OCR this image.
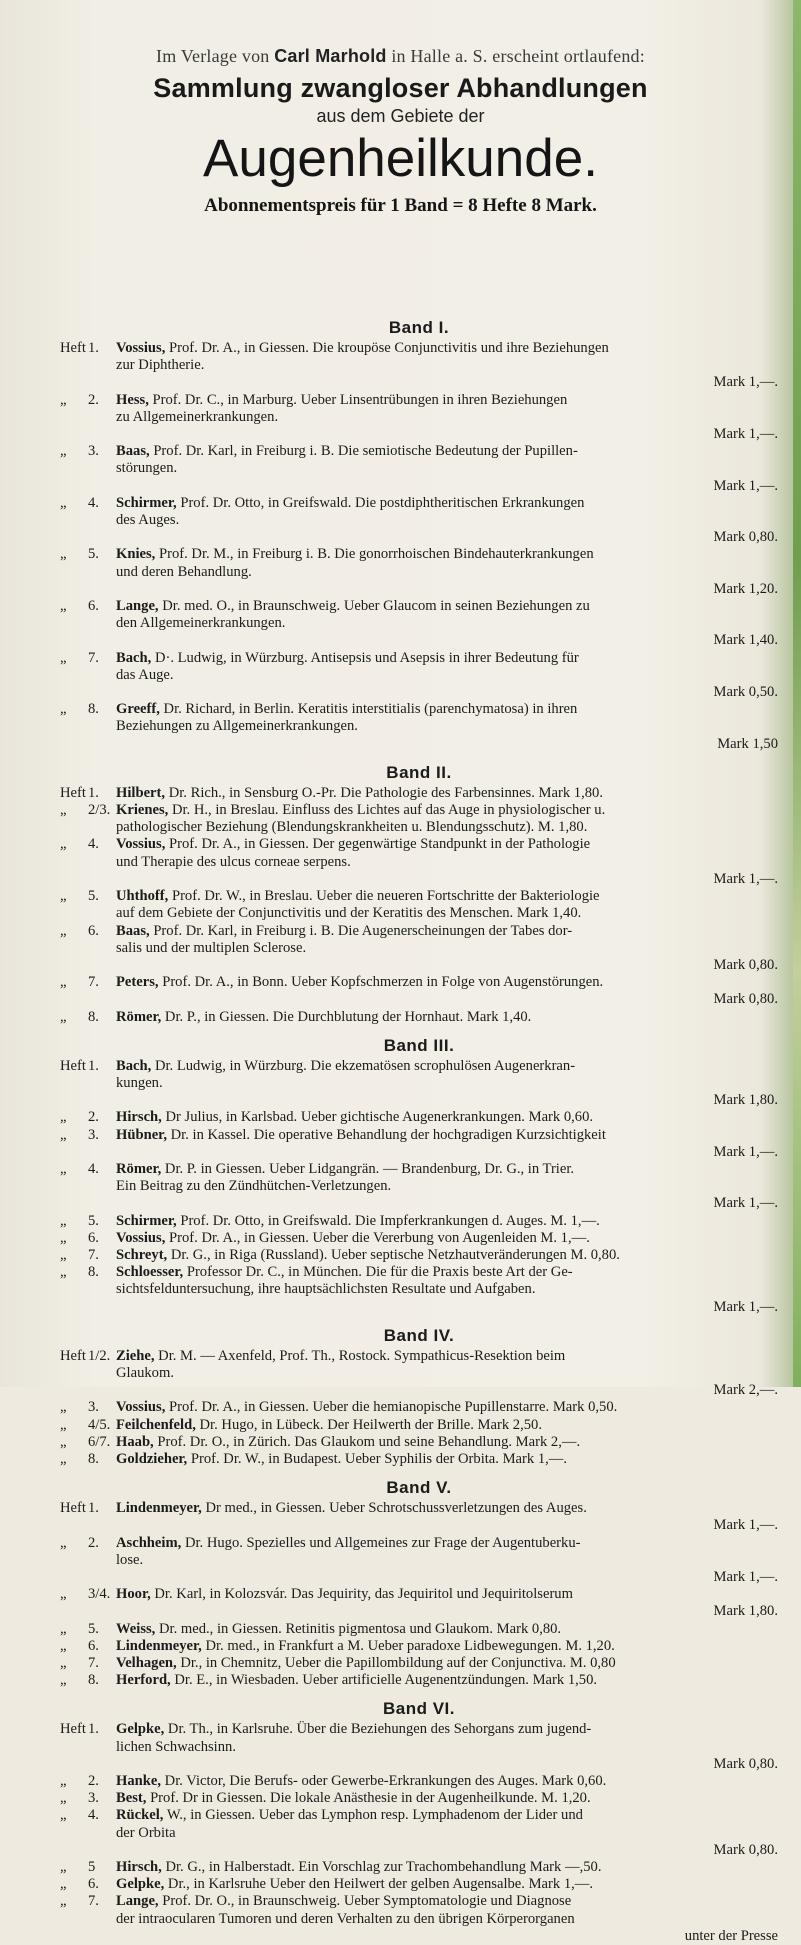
Im Verlage von Carl Marhold in Halle a. S. erscheint ortlaufend:
Sammlung zwangloser Abhandlungen
aus dem Gebiete der
Augenheilkunde.
Abonnementspreis für 1 Band = 8 Hefte 8 Mark.
Band I.
Heft 1.	Vossius, Prof. Dr. A., in Giessen. Die kroupöse Conjunctivitis und ihre Beziehungen
zur Diphtherie.
Mark 1,—.
„ 2.	Hess, Prof. Dr. C., in Marburg. Ueber Linsentrübungen in ihren Beziehungen
zu Allgemeinerkrankungen.
Mark 1,—.
„ 3.	Baas, Prof. Dr. Karl, in Freiburg i. B. Die semiotische Bedeutung der Pupillen-
störungen.
Mark 1,—.
„ 4.	Schirmer, Prof. Dr. Otto, in Greifswald. Die postdiphtheritischen Erkrankungen
des Auges.
Mark 0,80.
„ 5.	Knies, Prof. Dr. M., in Freiburg i. B. Die gonorrhoischen Bindehauterkrankungen
und deren Behandlung.
Mark 1,20.
„ 6.	Lange, Dr. med. O., in Braunschweig. Ueber Glaucom in seinen Beziehungen zu
den Allgemeinerkrankungen.
Mark 1,40.
„ 7.	Bach, D·. Ludwig, in Würzburg. Antisepsis und Asepsis in ihrer Bedeutung für
das Auge.
Mark 0,50.
„ 8.	Greeff, Dr. Richard, in Berlin. Keratitis interstitialis (parenchymatosa) in ihren
Beziehungen zu Allgemeinerkrankungen.
Mark 1,50
Band II.
Heft 1.	Hilbert, Dr. Rich., in Sensburg O.-Pr. Die Pathologie des Farbensinnes. Mark 1,80.
„ 2/3. Krienes, Dr. H., in Breslau. Einfluss des Lichtes auf das Auge in physiologischer u.
pathologischer Beziehung (Blendungskrankheiten u. Blendungsschutz). M. 1,80.
„ 4.	Vossius, Prof. Dr. A., in Giessen. Der gegenwärtige Standpunkt in der Pathologie
und Therapie des ulcus corneae serpens.
Mark 1,—.
„ 5.	Uhthoff, Prof. Dr. W., in Breslau. Ueber die neueren Fortschritte der Bakteriologie
auf dem Gebiete der Conjunctivitis und der Keratitis des Menschen. Mark 1,40.
„ 6.	Baas, Prof. Dr. Karl, in Freiburg i. B. Die Augenerscheinungen der Tabes dor-
salis und der multiplen Sclerose.
Mark 0,80.
„ 7.	Peters, Prof. Dr. A., in Bonn. Ueber Kopfschmerzen in Folge von Augenstörungen.
Mark 0,80.
„ 8.	Römer, Dr. P., in Giessen. Die Durchblutung der Hornhaut. Mark 1,40.
Band III.
Heft 1.	Bach, Dr. Ludwig, in Würzburg. Die ekzematösen scrophulösen Augenerkran-
kungen.
Mark 1,80.
„ 2.	Hirsch, Dr Julius, in Karlsbad. Ueber gichtische Augenerkrankungen. Mark 0,60.
„ 3.	Hübner, Dr. in Kassel. Die operative Behandlung der hochgradigen Kurzsichtigkeit
Mark 1,—.
„ 4.	Römer, Dr. P. in Giessen. Ueber Lidgangrän. — Brandenburg, Dr. G., in Trier.
Ein Beitrag zu den Zündhütchen-Verletzungen.
Mark 1,—.
„ 5.	Schirmer, Prof. Dr. Otto, in Greifswald. Die Impferkrankungen d. Auges. M. 1,—.
„ 6.	Vossius, Prof. Dr. A., in Giessen. Ueber die Vererbung von Augenleiden M. 1,—.
„ 7.	Schreyt, Dr. G., in Riga (Russland). Ueber septische Netzhautveränderungen M. 0,80.
„ 8.	Schloesser, Professor Dr. C., in München. Die für die Praxis beste Art der Ge-
sichtsfelduntersuchung, ihre hauptsächlichsten Resultate und Aufgaben.
Mark 1,—.
Band IV.
Heft 1/2. Ziehe, Dr. M. — Axenfeld, Prof. Th., Rostock. Sympathicus-Resektion beim
Glaukom.
Mark 2,—.
„ 3.	Vossius, Prof. Dr. A., in Giessen. Ueber die hemianopische Pupillenstarre. Mark 0,50.
„ 4/5. Feilchenfeld, Dr. Hugo, in Lübeck. Der Heilwerth der Brille. Mark 2,50.
„ 6/7. Haab, Prof. Dr. O., in Zürich. Das Glaukom und seine Behandlung. Mark 2,—.
„ 8.	Goldzieher, Prof. Dr. W., in Budapest. Ueber Syphilis der Orbita. Mark 1,—.
Band V.
Heft 1.	Lindenmeyer, Dr med., in Giessen. Ueber Schrotschussverletzungen des Auges.
Mark 1,—.
„ 2.	Aschheim, Dr. Hugo. Spezielles und Allgemeines zur Frage der Augentuberku-
lose.
Mark 1,—.
„ 3/4. Hoor, Dr. Karl, in Kolozsvár. Das Jequirity, das Jequiritol und Jequiritolserum
Mark 1,80.
„ 5.	Weiss, Dr. med., in Giessen. Retinitis pigmentosa und Glaukom. Mark 0,80.
„ 6.	Lindenmeyer, Dr. med., in Frankfurt a M. Ueber paradoxe Lidbewegungen. M. 1,20.
„ 7.	Velhagen, Dr., in Chemnitz, Ueber die Papillombildung auf der Conjunctiva. M. 0,80
„ 8.	Herford, Dr. E., in Wiesbaden. Ueber artificielle Augenentzündungen. Mark 1,50.
Band VI.
Heft 1.	Gelpke, Dr. Th., in Karlsruhe. Über die Beziehungen des Sehorgans zum jugend-
lichen Schwachsinn.
Mark 0,80.
„ 2.	Hanke, Dr. Victor, Die Berufs- oder Gewerbe-Erkrankungen des Auges. Mark 0,60.
„ 3.	Best, Prof. Dr in Giessen. Die lokale Anästhesie in der Augenheilkunde. M. 1,20.
„ 4.	Rückel, W., in Giessen. Ueber das Lymphon resp. Lymphadenom der Lider und
der Orbita
Mark 0,80.
„ 5	Hirsch, Dr. G., in Halberstadt. Ein Vorschlag zur Trachombehandlung Mark —,50.
„ 6.	Gelpke, Dr., in Karlsruhe Ueber den Heilwert der gelben Augensalbe. Mark 1,—.
„ 7.	Lange, Prof. Dr. O., in Braunschweig. Ueber Symptomatologie und Diagnose
der intraocularen Tumoren und deren Verhalten zu den übrigen Körperorganen
unter der Presse
